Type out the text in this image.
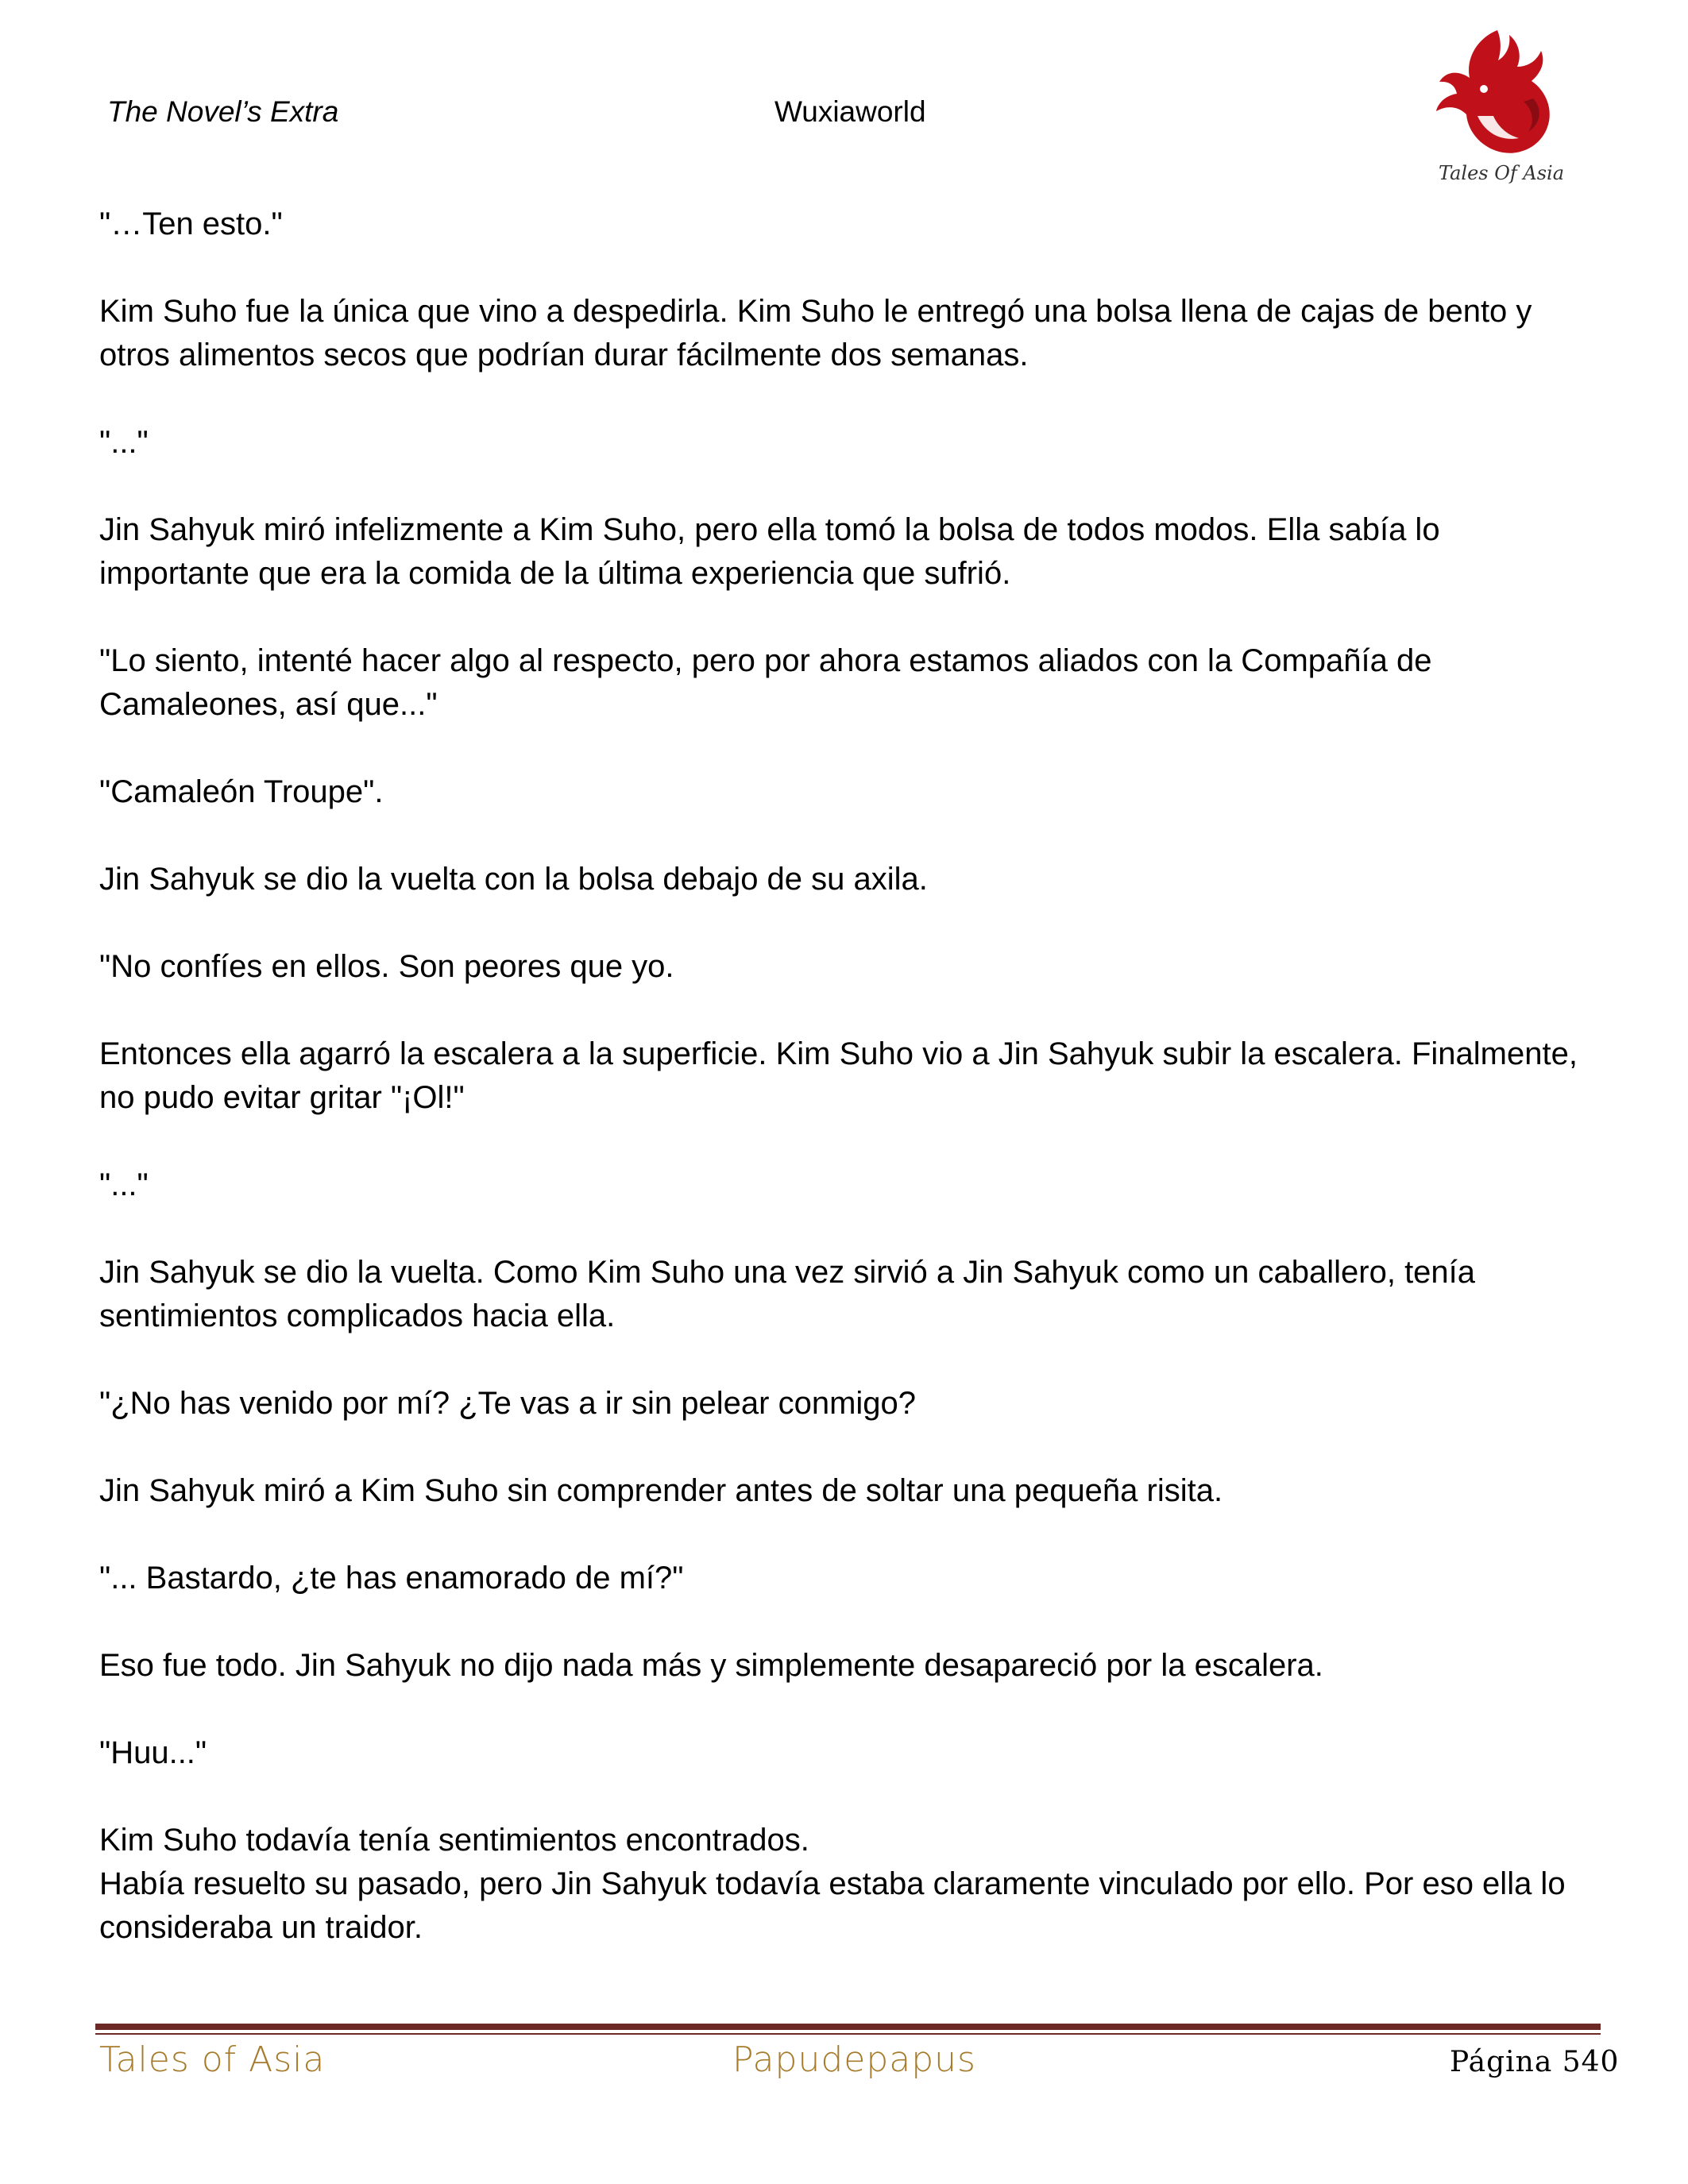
The Novel’s Extra	Wuxiaworld
Tales Of Asia

"…Ten esto."

Kim Suho fue la única que vino a despedirla. Kim Suho le entregó una bolsa llena de cajas de bento y otros alimentos secos que podrían durar fácilmente dos semanas.

"..."

Jin Sahyuk miró infelizmente a Kim Suho, pero ella tomó la bolsa de todos modos. Ella sabía lo importante que era la comida de la última experiencia que sufrió.

"Lo siento, intenté hacer algo al respecto, pero por ahora estamos aliados con la Compañía de Camaleones, así que..."

"Camaleón Troupe".

Jin Sahyuk se dio la vuelta con la bolsa debajo de su axila.

"No confíes en ellos. Son peores que yo.

Entonces ella agarró la escalera a la superficie. Kim Suho vio a Jin Sahyuk subir la escalera. Finalmente, no pudo evitar gritar "¡Ol!"

"..."

Jin Sahyuk se dio la vuelta. Como Kim Suho una vez sirvió a Jin Sahyuk como un caballero, tenía sentimientos complicados hacia ella.

"¿No has venido por mí? ¿Te vas a ir sin pelear conmigo?

Jin Sahyuk miró a Kim Suho sin comprender antes de soltar una pequeña risita.

"... Bastardo, ¿te has enamorado de mí?"

Eso fue todo. Jin Sahyuk no dijo nada más y simplemente desapareció por la escalera.

"Huu..."

Kim Suho todavía tenía sentimientos encontrados.
Había resuelto su pasado, pero Jin Sahyuk todavía estaba claramente vinculado por ello. Por eso ella lo consideraba un traidor.
Tales of Asia	Papudepapus	Página 540
